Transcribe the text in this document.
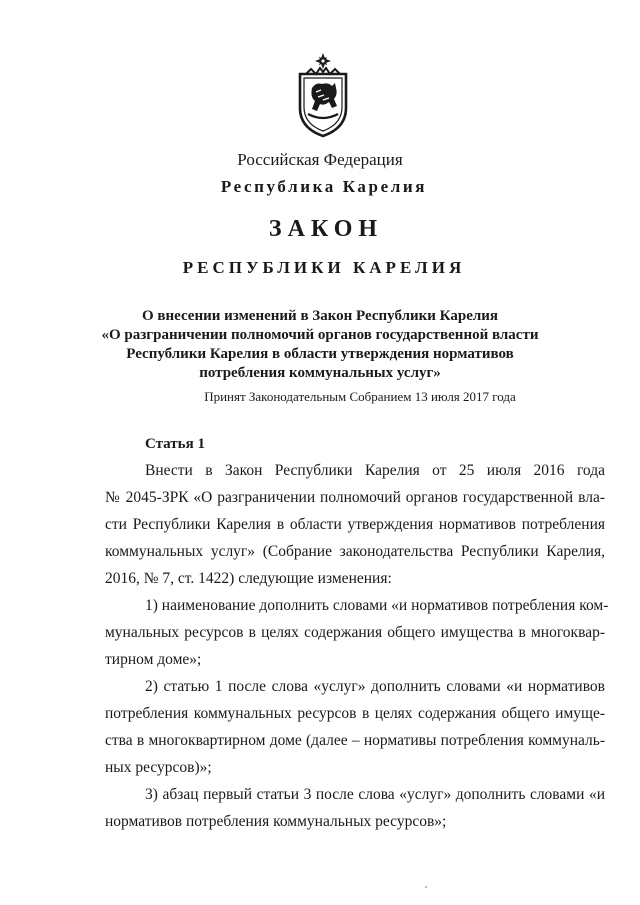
Российская Федерация
Республика Карелия
ЗАКОН
РЕСПУБЛИКИ КАРЕЛИЯ
О внесении изменений в Закон Республики Карелия
«О разграничении полномочий органов государственной власти
Республики Карелия в области утверждения нормативов
потребления коммунальных услуг»
Принят Законодательным Собранием 13 июля 2017 года
Статья 1
Внести в Закон Республики Карелия от 25 июля 2016 года
№ 2045-ЗРК «О разграничении полномочий органов государственной вла-
сти Республики Карелия в области утверждения нормативов потребления
коммунальных услуг» (Собрание законодательства Республики Карелия,
2016, № 7, ст. 1422) следующие изменения:
1) наименование дополнить словами «и нормативов потребления ком-
мунальных ресурсов в целях содержания общего имущества в многоквар-
тирном доме»;
2) статью 1 после слова «услуг» дополнить словами «и нормативов
потребления коммунальных ресурсов в целях содержания общего имуще-
ства в многоквартирном доме (далее – нормативы потребления коммуналь-
ных ресурсов)»;
3) абзац первый статьи 3 после слова «услуг» дополнить словами «и
нормативов потребления коммунальных ресурсов»;
